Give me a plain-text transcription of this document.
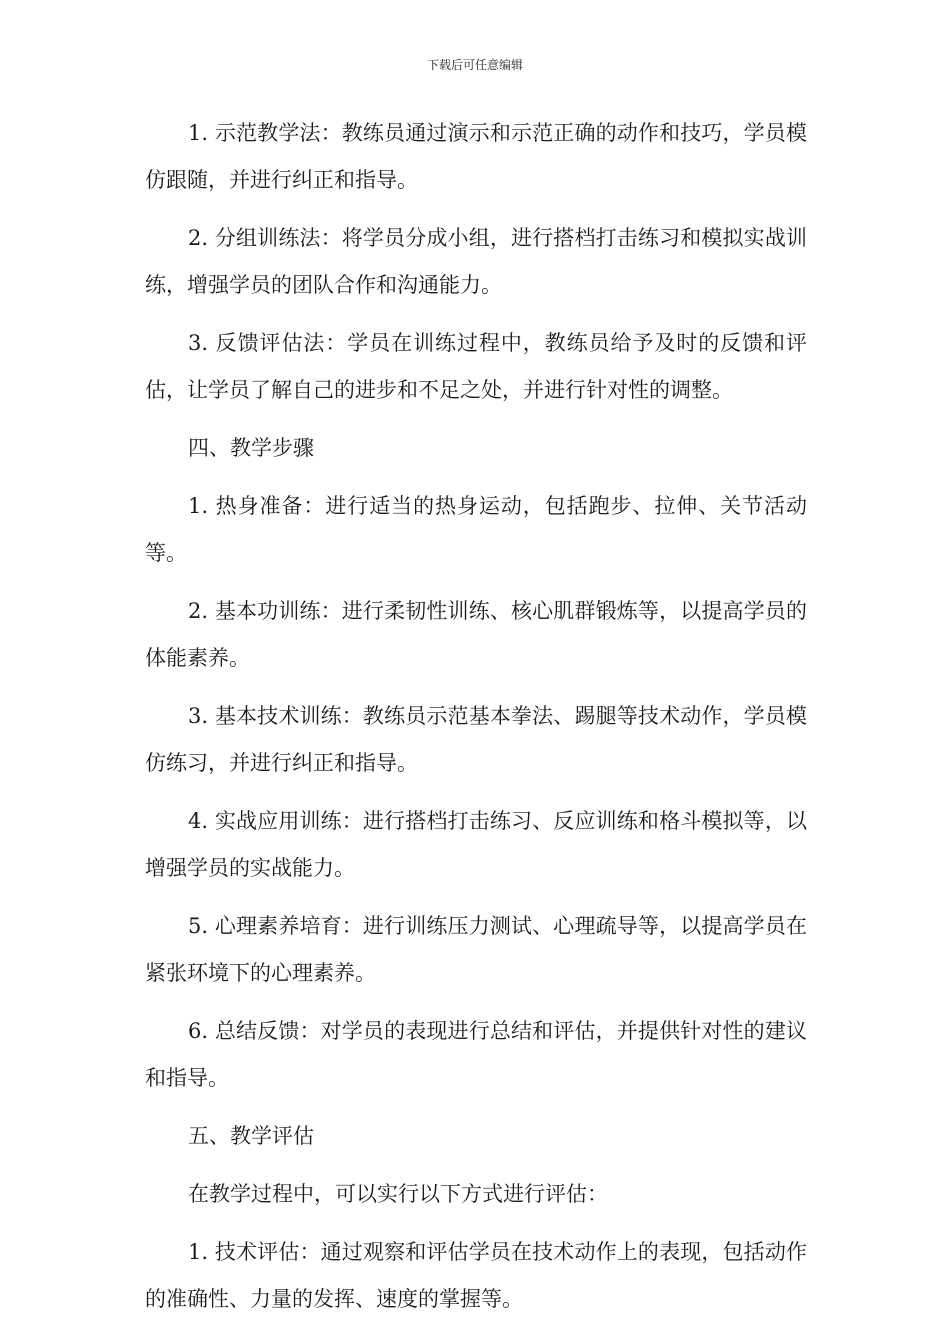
下载后可任意编辑

1. 示范教学法：教练员通过演示和示范正确的动作和技巧，学员模仿跟随，并进行纠正和指导。

2. 分组训练法：将学员分成小组，进行搭档打击练习和模拟实战训练，增强学员的团队合作和沟通能力。

3. 反馈评估法：学员在训练过程中，教练员给予及时的反馈和评估，让学员了解自己的进步和不足之处，并进行针对性的调整。

四、教学步骤

1. 热身准备：进行适当的热身运动，包括跑步、拉伸、关节活动等。

2. 基本功训练：进行柔韧性训练、核心肌群锻炼等，以提高学员的体能素养。

3. 基本技术训练：教练员示范基本拳法、踢腿等技术动作，学员模仿练习，并进行纠正和指导。

4. 实战应用训练：进行搭档打击练习、反应训练和格斗模拟等，以增强学员的实战能力。

5. 心理素养培育：进行训练压力测试、心理疏导等，以提高学员在紧张环境下的心理素养。

6. 总结反馈：对学员的表现进行总结和评估，并提供针对性的建议和指导。

五、教学评估

在教学过程中，可以实行以下方式进行评估：

1. 技术评估：通过观察和评估学员在技术动作上的表现，包括动作的准确性、力量的发挥、速度的掌握等。
